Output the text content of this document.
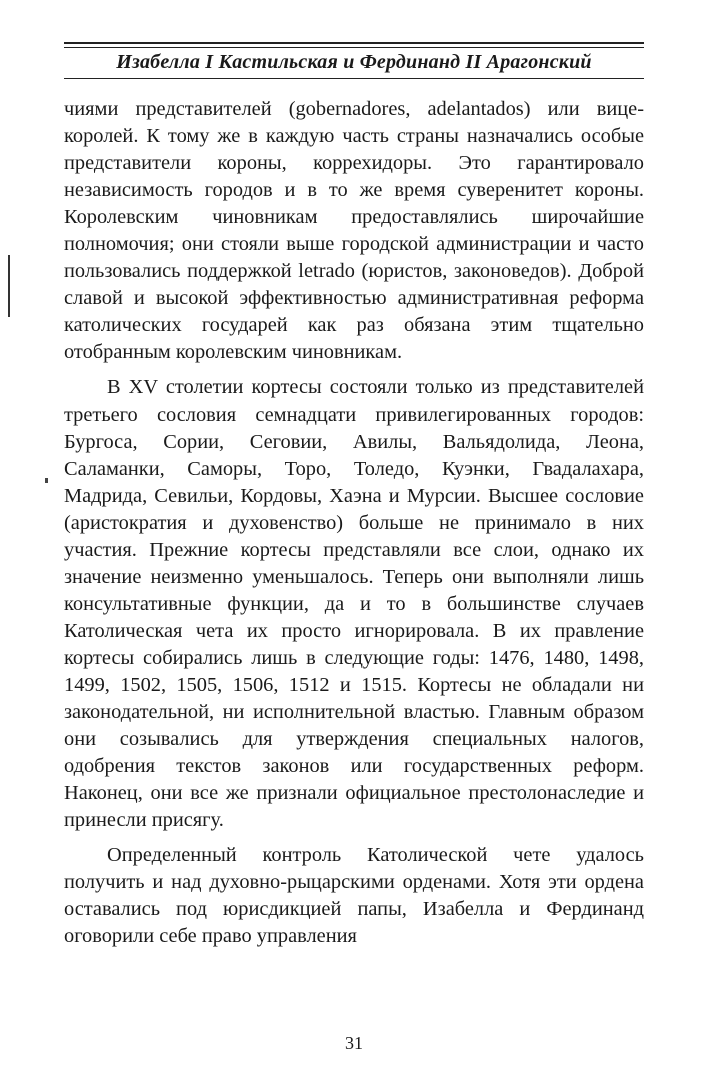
Изабелла I Кастильская и Фердинанд II Арагонский

чиями представителей (gobernadores, adelantados) или вице-королей. К тому же в каждую часть страны назначались особые представители короны, коррехидоры. Это гарантировало независимость городов и в то же время суверенитет короны. Королевским чиновникам предоставлялись широчайшие полномочия; они стояли выше городской администрации и часто пользовались поддержкой letrado (юристов, законоведов). Доброй славой и высокой эффективностью административная реформа католических государей как раз обязана этим тщательно отобранным королевским чиновникам.

В XV столетии кортесы состояли только из представителей третьего сословия семнадцати привилегированных городов: Бургоса, Сории, Сеговии, Авилы, Вальядолида, Леона, Саламанки, Саморы, Торо, Толедо, Куэнки, Гвадалахара, Мадрида, Севильи, Кордовы, Хаэна и Мурсии. Высшее сословие (аристократия и духовенство) больше не принимало в них участия. Прежние кортесы представляли все слои, однако их значение неизменно уменьшалось. Теперь они выполняли лишь консультативные функции, да и то в большинстве случаев Католическая чета их просто игнорировала. В их правление кортесы собирались лишь в следующие годы: 1476, 1480, 1498, 1499, 1502, 1505, 1506, 1512 и 1515. Кортесы не обладали ни законодательной, ни исполнительной властью. Главным образом они созывались для утверждения специальных налогов, одобрения текстов законов или государственных реформ. Наконец, они все же признали официальное престолонаследие и принесли присягу.

Определенный контроль Католической чете удалось получить и над духовно-рыцарскими орденами. Хотя эти ордена оставались под юрисдикцией папы, Изабелла и Фердинанд оговорили себе право управления

31
